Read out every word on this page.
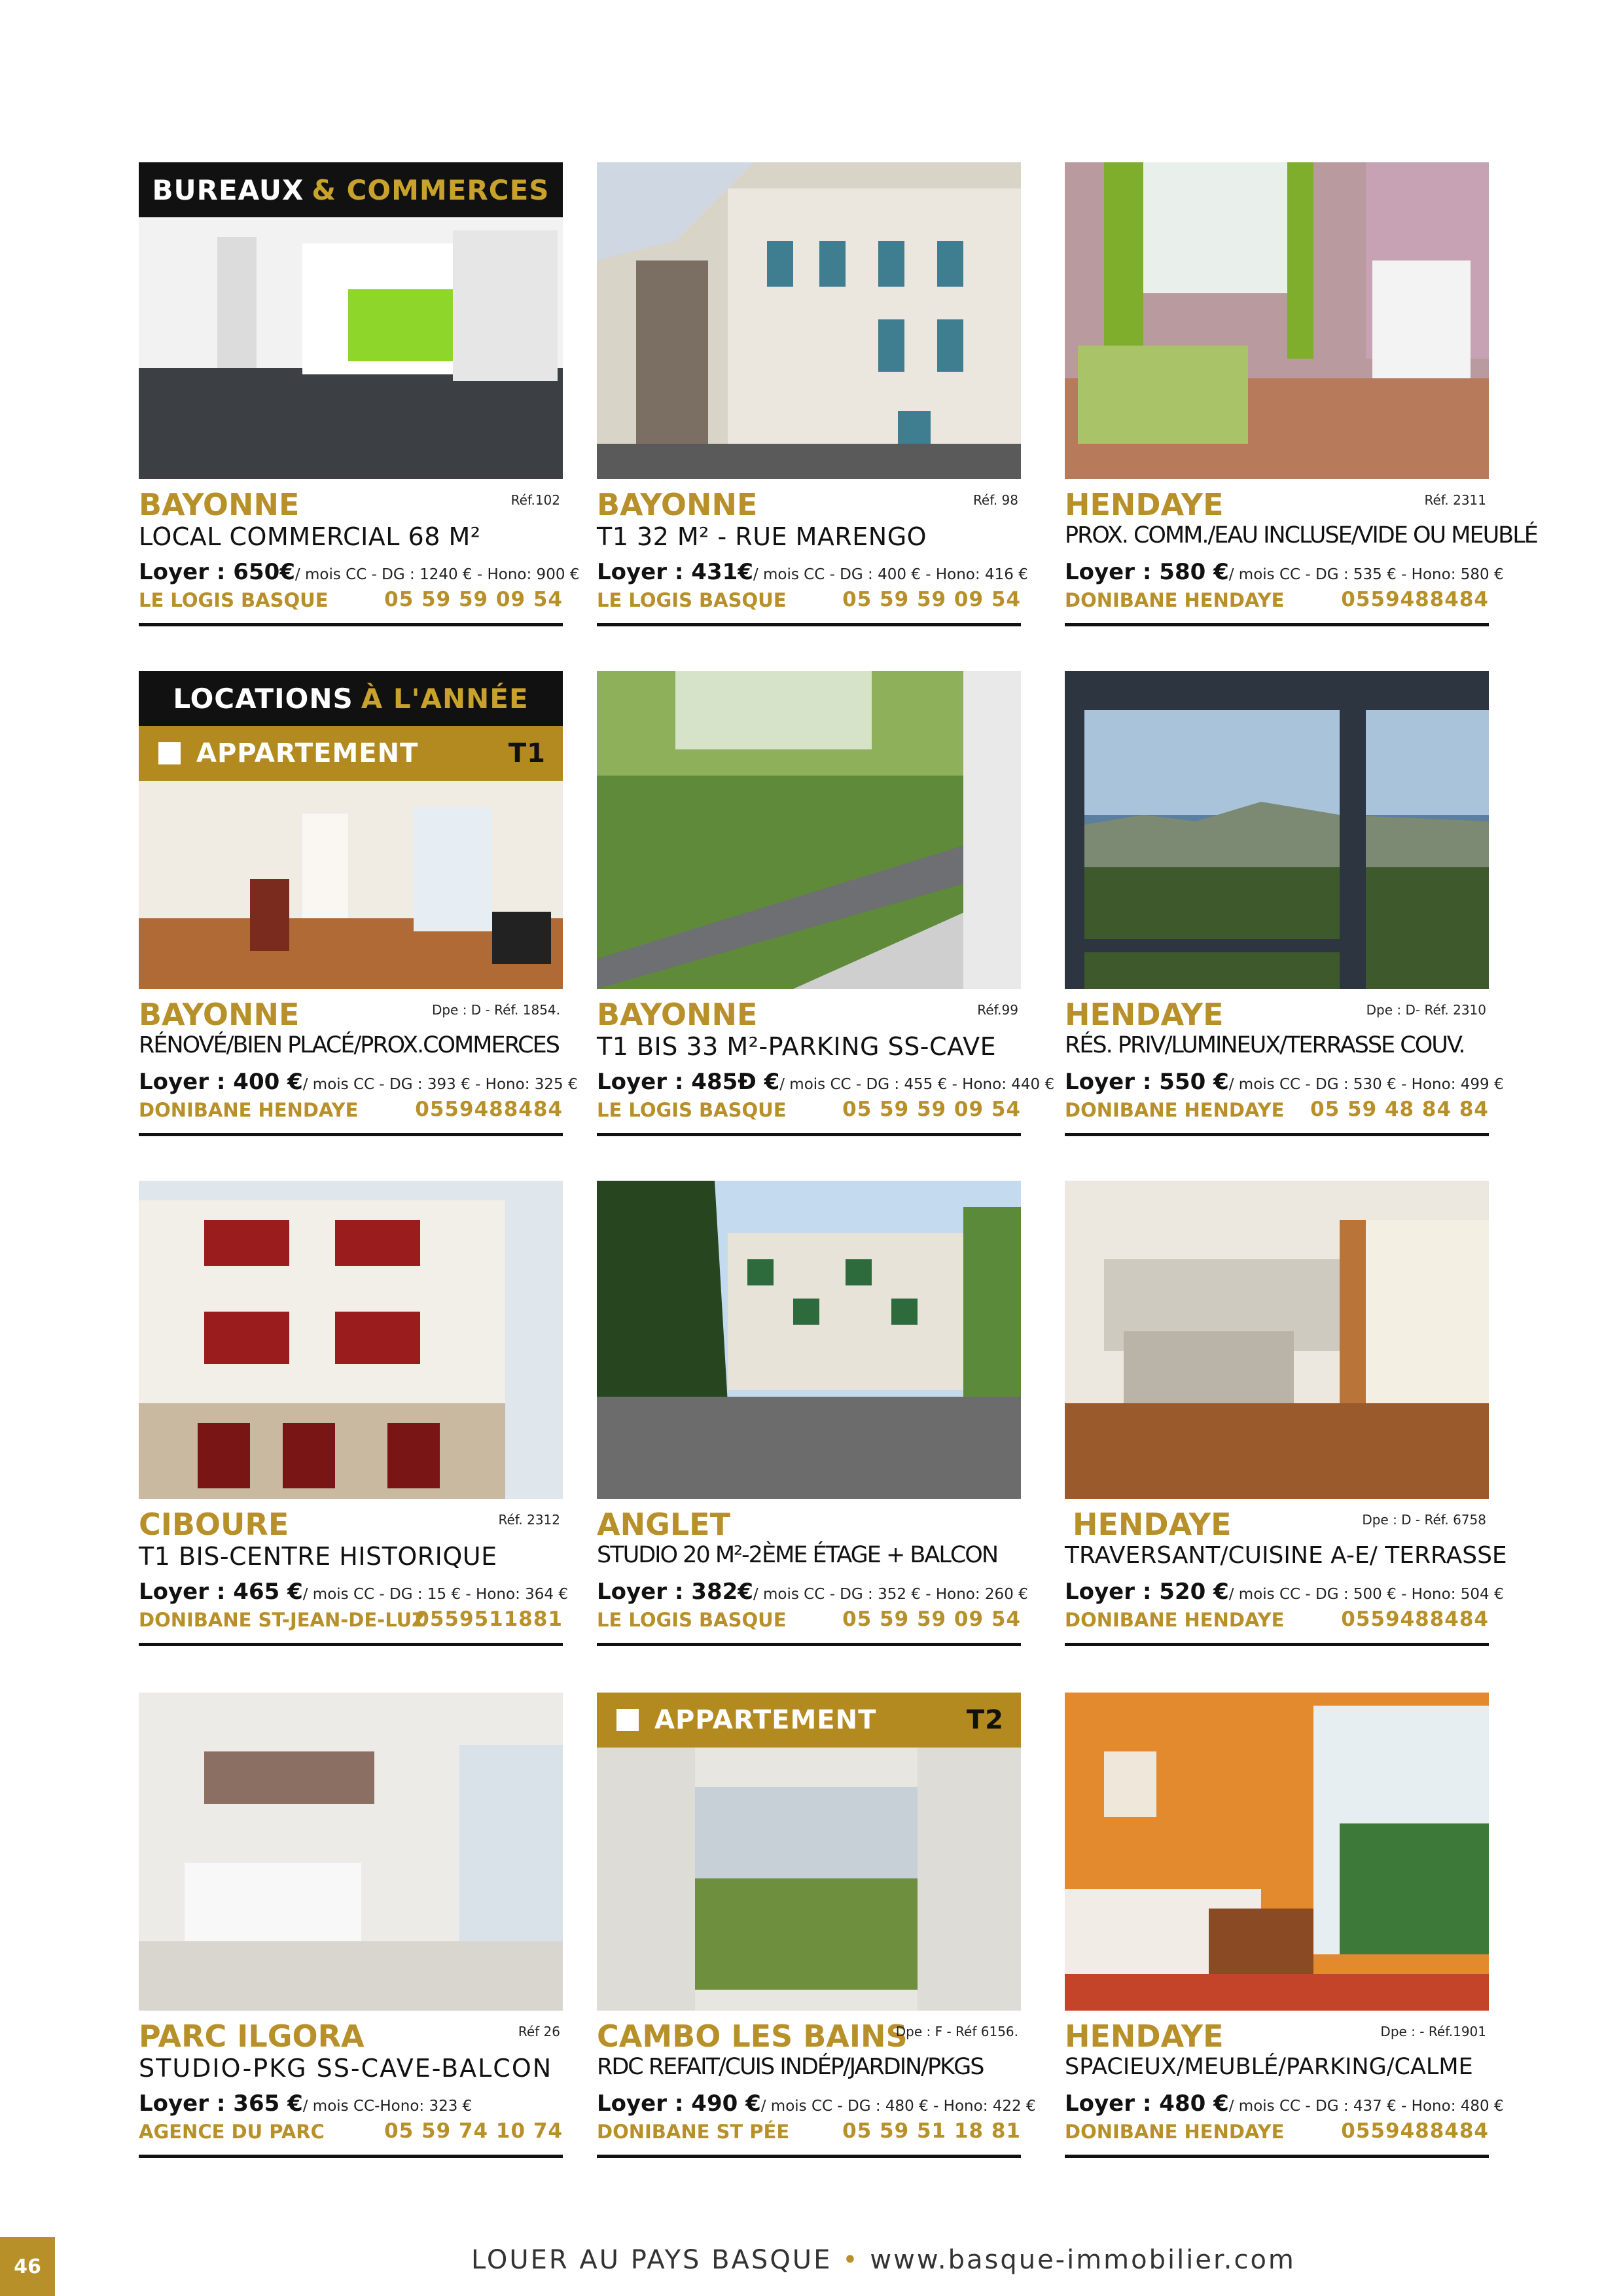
BUREAUX & COMMERCES
BAYONNE	Réf.102
LOCAL COMMERCIAL 68 M²
Loyer : 650€/ mois CC - DG : 1240 € - Hono: 900 €
LE LOGIS BASQUE	05 59 59 09 54
BAYONNE	Réf. 98
T1 32 M² - RUE MARENGO
Loyer : 431€/ mois CC - DG : 400 € - Hono: 416 €
LE LOGIS BASQUE	05 59 59 09 54
HENDAYE	Réf. 2311
PROX. COMM./EAU INCLUSE/VIDE OU MEUBLÉ
Loyer : 580 €/ mois CC - DG : 535 € - Hono: 580 €
DONIBANE HENDAYE	0559488484
LOCATIONS À L'ANNÉE
APPARTEMENT	T1
BAYONNE	Dpe : D - Réf. 1854.
RÉNOVÉ/BIEN PLACÉ/PROX.COMMERCES
Loyer : 400 €/ mois CC - DG : 393 € - Hono: 325 €
DONIBANE HENDAYE	0559488484
BAYONNE	Réf.99
T1 BIS 33 M²-PARKING SS-CAVE
Loyer : 485Ð €/ mois CC - DG : 455 € - Hono: 440 €
LE LOGIS BASQUE	05 59 59 09 54
HENDAYE	Dpe : D- Réf. 2310
RÉS. PRIV/LUMINEUX/TERRASSE COUV.
Loyer : 550 €/ mois CC - DG : 530 € - Hono: 499 €
DONIBANE HENDAYE 05 59 48 84 84
CIBOURE	Réf. 2312
T1 BIS-CENTRE HISTORIQUE
Loyer : 465 €/ mois CC - DG : 15 € - Hono: 364 €
DONIBANE ST-JEAN-DE-LUZ
0559511881
ANGLET
STUDIO 20 M²-2ÈME ÉTAGE + BALCON
Loyer : 382€/ mois CC - DG : 352 € - Hono: 260 €
LE LOGIS BASQUE	05 59 59 09 54
HENDAYE	Dpe : D - Réf. 6758
TRAVERSANT/CUISINE A-E/ TERRASSE
Loyer : 520 €/ mois CC - DG : 500 € - Hono: 504 €
DONIBANE HENDAYE	0559488484
PARC ILGORA	Réf 26
STUDIO-PKG SS-CAVE-BALCON
Loyer : 365 €/ mois CC-Hono: 323 €
AGENCE DU PARC	05 59 74 10 74
APPARTEMENT	T2
CAMBO LES BAINS
Dpe : F - Réf 6156.
RDC REFAIT/CUIS INDÉP/JARDIN/PKGS
Loyer : 490 €/ mois CC - DG : 480 € - Hono: 422 €
DONIBANE ST PÉE	05 59 51 18 81
HENDAYE	Dpe : - Réf.1901
SPACIEUX/MEUBLÉ/PARKING/CALME
Loyer : 480 €/ mois CC - DG : 437 € - Hono: 480 €
DONIBANE HENDAYE	0559488484
46	LOUER AU PAYS BASQUE • www.basque-immobilier.com
